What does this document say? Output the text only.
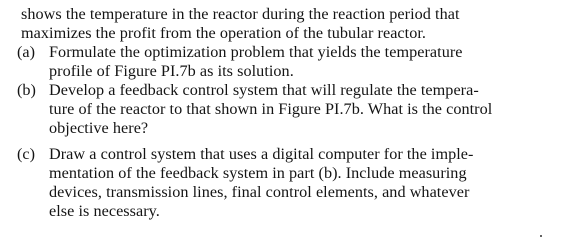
shows the temperature in the reactor during the reaction period that
maximizes the profit from the operation of the tubular reactor.
(a) Formulate the optimization problem that yields the temperature
profile of Figure PI.7b as its solution.
(b) Develop a feedback control system that will regulate the tempera-
ture of the reactor to that shown in Figure PI.7b. What is the control
objective here?
(c) Draw a control system that uses a digital computer for the imple-
mentation of the feedback system in part (b). Include measuring
devices, transmission lines, final control elements, and whatever
else is necessary.
